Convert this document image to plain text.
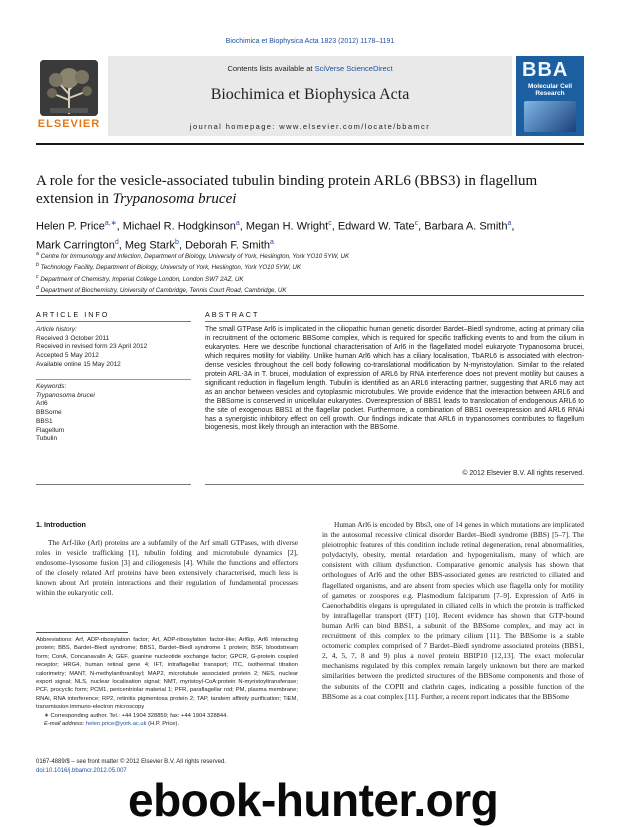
Biochimica et Biophysica Acta 1823 (2012) 1178–1191
ELSEVIER
Contents lists available at SciVerse ScienceDirect
Biochimica et Biophysica Acta
journal homepage: www.elsevier.com/locate/bbamcr
BBA
Molecular Cell Research
A role for the vesicle-associated tubulin binding protein ARL6 (BBS3) in flagellum extension in Trypanosoma brucei
Helen P. Price$^{a,∗}$, Michael R. Hodgkinson$^a$, Megan H. Wright$^c$, Edward W. Tate$^c$, Barbara A. Smith$^a$,
Mark Carrington$^d$, Meg Stark$^b$, Deborah F. Smith$^a$
$^a$ Centre for Immunology and Infection, Department of Biology, University of York, Heslington, York YO10 5YW, UK
$^b$ Technology Facility, Department of Biology, University of York, Heslington, York YO10 5YW, UK
$^c$ Department of Chemistry, Imperial College London, London SW7 2AZ, UK
$^d$ Department of Biochemistry, University of Cambridge, Tennis Court Road, Cambridge, UK
ARTICLE INFO	ABSTRACT
Article history:
Received 3 October 2011
Received in revised form 23 April 2012
Accepted 5 May 2012
Available online 15 May 2012
Keywords:
Trypanosoma brucei
Arl6
BBSome
BBS1
Flagellum
Tubulin
The small GTPase Arl6 is implicated in the ciliopathic human genetic disorder Bardet–Biedl syndrome, acting at primary cilia in recruitment of the octomeric BBSome complex, which is required for specific trafficking events to and from the cilium in eukaryotes. Here we describe functional characterisation of Arl6 in the flagellated model eukaryote Trypanosoma brucei, which requires motility for viability. Unlike human Arl6 which has a ciliary localisation, TbARL6 is associated with electron-dense vesicles throughout the cell body following co-translational modification by N-myristoylation. Similar to the related protein ARL-3A in T. brucei, modulation of expression of ARL6 by RNA interference does not prevent motility but causes a significant reduction in flagellum length. Tubulin is identified as an ARL6 interacting partner, suggesting that ARL6 may act as an anchor between vesicles and cytoplasmic microtubules. We provide evidence that the interaction between ARL6 and the BBSome is conserved in unicellular eukaryotes. Overexpression of BBS1 leads to translocation of endogenous ARL6 to the site of exogenous BBS1 at the flagellar pocket. Furthermore, a combination of BBS1 overexpression and ARL6 RNAi has a synergistic inhibitory effect on cell growth. Our findings indicate that ARL6 in trypanosomes contributes to flagellum biogenesis, most likely through an interaction with the BBSome.
© 2012 Elsevier B.V. All rights reserved.
1. Introduction
The Arf-like (Arl) proteins are a subfamily of the Arf small GTPases, with diverse roles in vesicle trafficking [1], tubulin folding and microtubule dynamics [2], endosome–lysosome fusion [3] and ciliogenesis [4]. While the functions and effectors of the closely related Arf proteins have been extensively characterised, much less is known about Arl protein interactions and their regulation of fundamental processes within the eukaryotic cell.
Human Arl6 is encoded by Bbs3, one of 14 genes in which mutations are implicated in the autosomal recessive clinical disorder Bardet–Biedl syndrome (BBS) [5–7]. The pleiotrophic features of this condition include retinal degeneration, renal abnormalities, polydactyly, obesity, mental retardation and hypogenitalism, many of which are consistent with cilium dysfunction. Comparative genomic analysis has shown that orthologues of Arl6 and the other BBS-associated genes are restricted to ciliated and flagellated organisms, and are absent from species which use flagella only for motility of gametes or zoospores e.g. Plasmodium falciparum [7–9]. Expression of Arl6 in Caenorhabditis elegans is upregulated in ciliated cells in which the protein is trafficked by intraflagellar transport (IFT) [10]. Recent evidence has shown that GTP-bound human Arl6 can bind BBS1, a subunit of the BBSome complex, and may act in recruitment of this complex to the primary cilium [11]. The BBSome is a stable octomeric complex comprised of 7 Bardet–Biedl syndrome associated proteins (BBS1, 2, 4, 5, 7, 8 and 9) plus a novel protein BBIP10 [12,13]. The exact molecular mechanisms regulated by this complex remain largely unknown but there are marked similarities between the predicted structures of the BBSome components and those of the subunits of the COPII and clathrin cages, indicating a possible function of the BBSome as a coat complex [11]. Further, a recent report indicates that the BBSome
Abbreviations: Arf, ADP-ribosylation factor; Arl, ADP-ribosylation factor-like; Arl6ip, Arl6 interacting protein; BBS, Bardet–Biedl syndrome; BBS1, Bardet–Biedl syndrome 1 protein; BSF, bloodstream form; ConA, Concanavalin A; GEF, guanine nucleotide exchange factor; GPCR, G-protein coupled receptor; HRG4, human retinal gene 4; IFT, intraflagellar transport; ITC, isothermal titration calorimetry; MANT, N-methylanthraniloyl; MAP2, microtubule associated protein 2; NES, nuclear export signal; NLS, nuclear localisation signal; NMT, myristoyl-CoA:protein N-myristoyltransferase; PCF, procyclic form; PCM1, pericentriolar material 1; PFR, paraflagellar rod; PM, plasma membrane; RNAi, RNA interference; RP2, retinitis pigmentosa protein 2; TAP, tandem affinity purification; TiEM, transmission immuno-electron microscopy
∗ Corresponding author. Tel.: +44 1904 328859; fax: +44 1904 328844.
E-mail address: helen.price@york.ac.uk (H.P. Price).
0167-4889/$ – see front matter © 2012 Elsevier B.V. All rights reserved.
doi:10.1016/j.bbamcr.2012.05.007
ebook-hunter.org
